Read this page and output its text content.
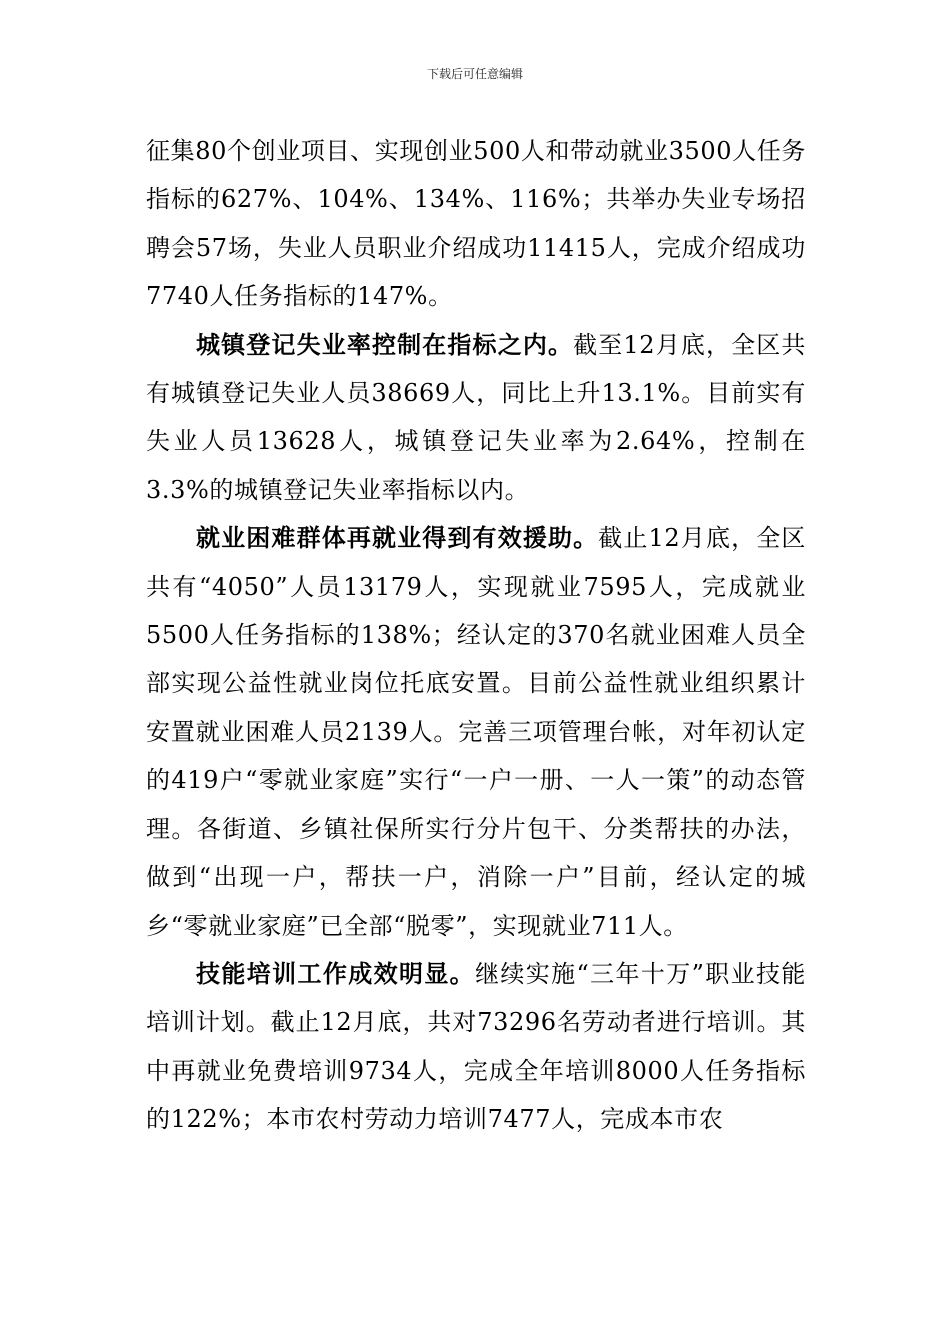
下载后可任意编辑

征集80个创业项目、实现创业500人和带动就业3500人任务指标的627%、104%、134%、116%；共举办失业专场招聘会57场，失业人员职业介绍成功11415人，完成介绍成功7740人任务指标的147%。

城镇登记失业率控制在指标之内。截至12月底，全区共有城镇登记失业人员38669人，同比上升13.1%。目前实有失业人员13628人，城镇登记失业率为2.64%，控制在3.3%的城镇登记失业率指标以内。

就业困难群体再就业得到有效援助。截止12月底，全区共有“4050”人员13179人，实现就业7595人，完成就业5500人任务指标的138%；经认定的370名就业困难人员全部实现公益性就业岗位托底安置。目前公益性就业组织累计安置就业困难人员2139人。完善三项管理台帐，对年初认定的419户“零就业家庭”实行“一户一册、一人一策”的动态管理。各街道、乡镇社保所实行分片包干、分类帮扶的办法，做到“出现一户，帮扶一户，消除一户”目前，经认定的城乡“零就业家庭”已全部“脱零”，实现就业711人。

技能培训工作成效明显。继续实施“三年十万”职业技能培训计划。截止12月底，共对73296名劳动者进行培训。其中再就业免费培训9734人，完成全年培训8000人任务指标的122%；本市农村劳动力培训7477人，完成本市农
